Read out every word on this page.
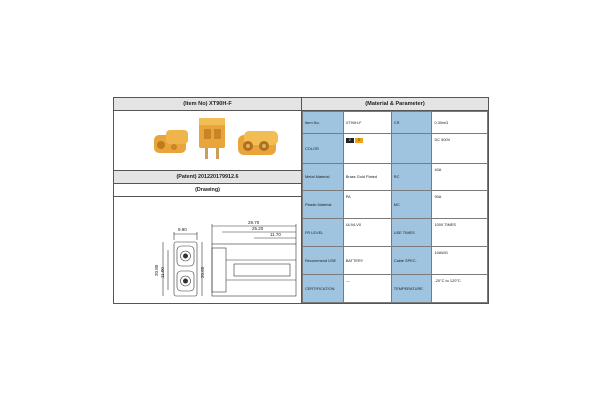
(Item No) XT90H-F
(Patent) 201220179912.6
(Drawing)
9.90
20.80 11.00	20.65
29.70
25.20
11.70
(Material & Parameter)
Item No.	XT90H-F	CR	0.30mΩ
COLOR	2 3		DC 500V
Metal Material	Brass Gold Plated	RC	40A
Plastic Material	PA	MC	90A
FR LEVEL	UL94-V0	USE TIMES	1000 TIMES
Recommend USE	BATTERY	Cable SPEC.	10AWG
CERTIFICATION	—	TEMPERATURE	-20°C to 120°C
